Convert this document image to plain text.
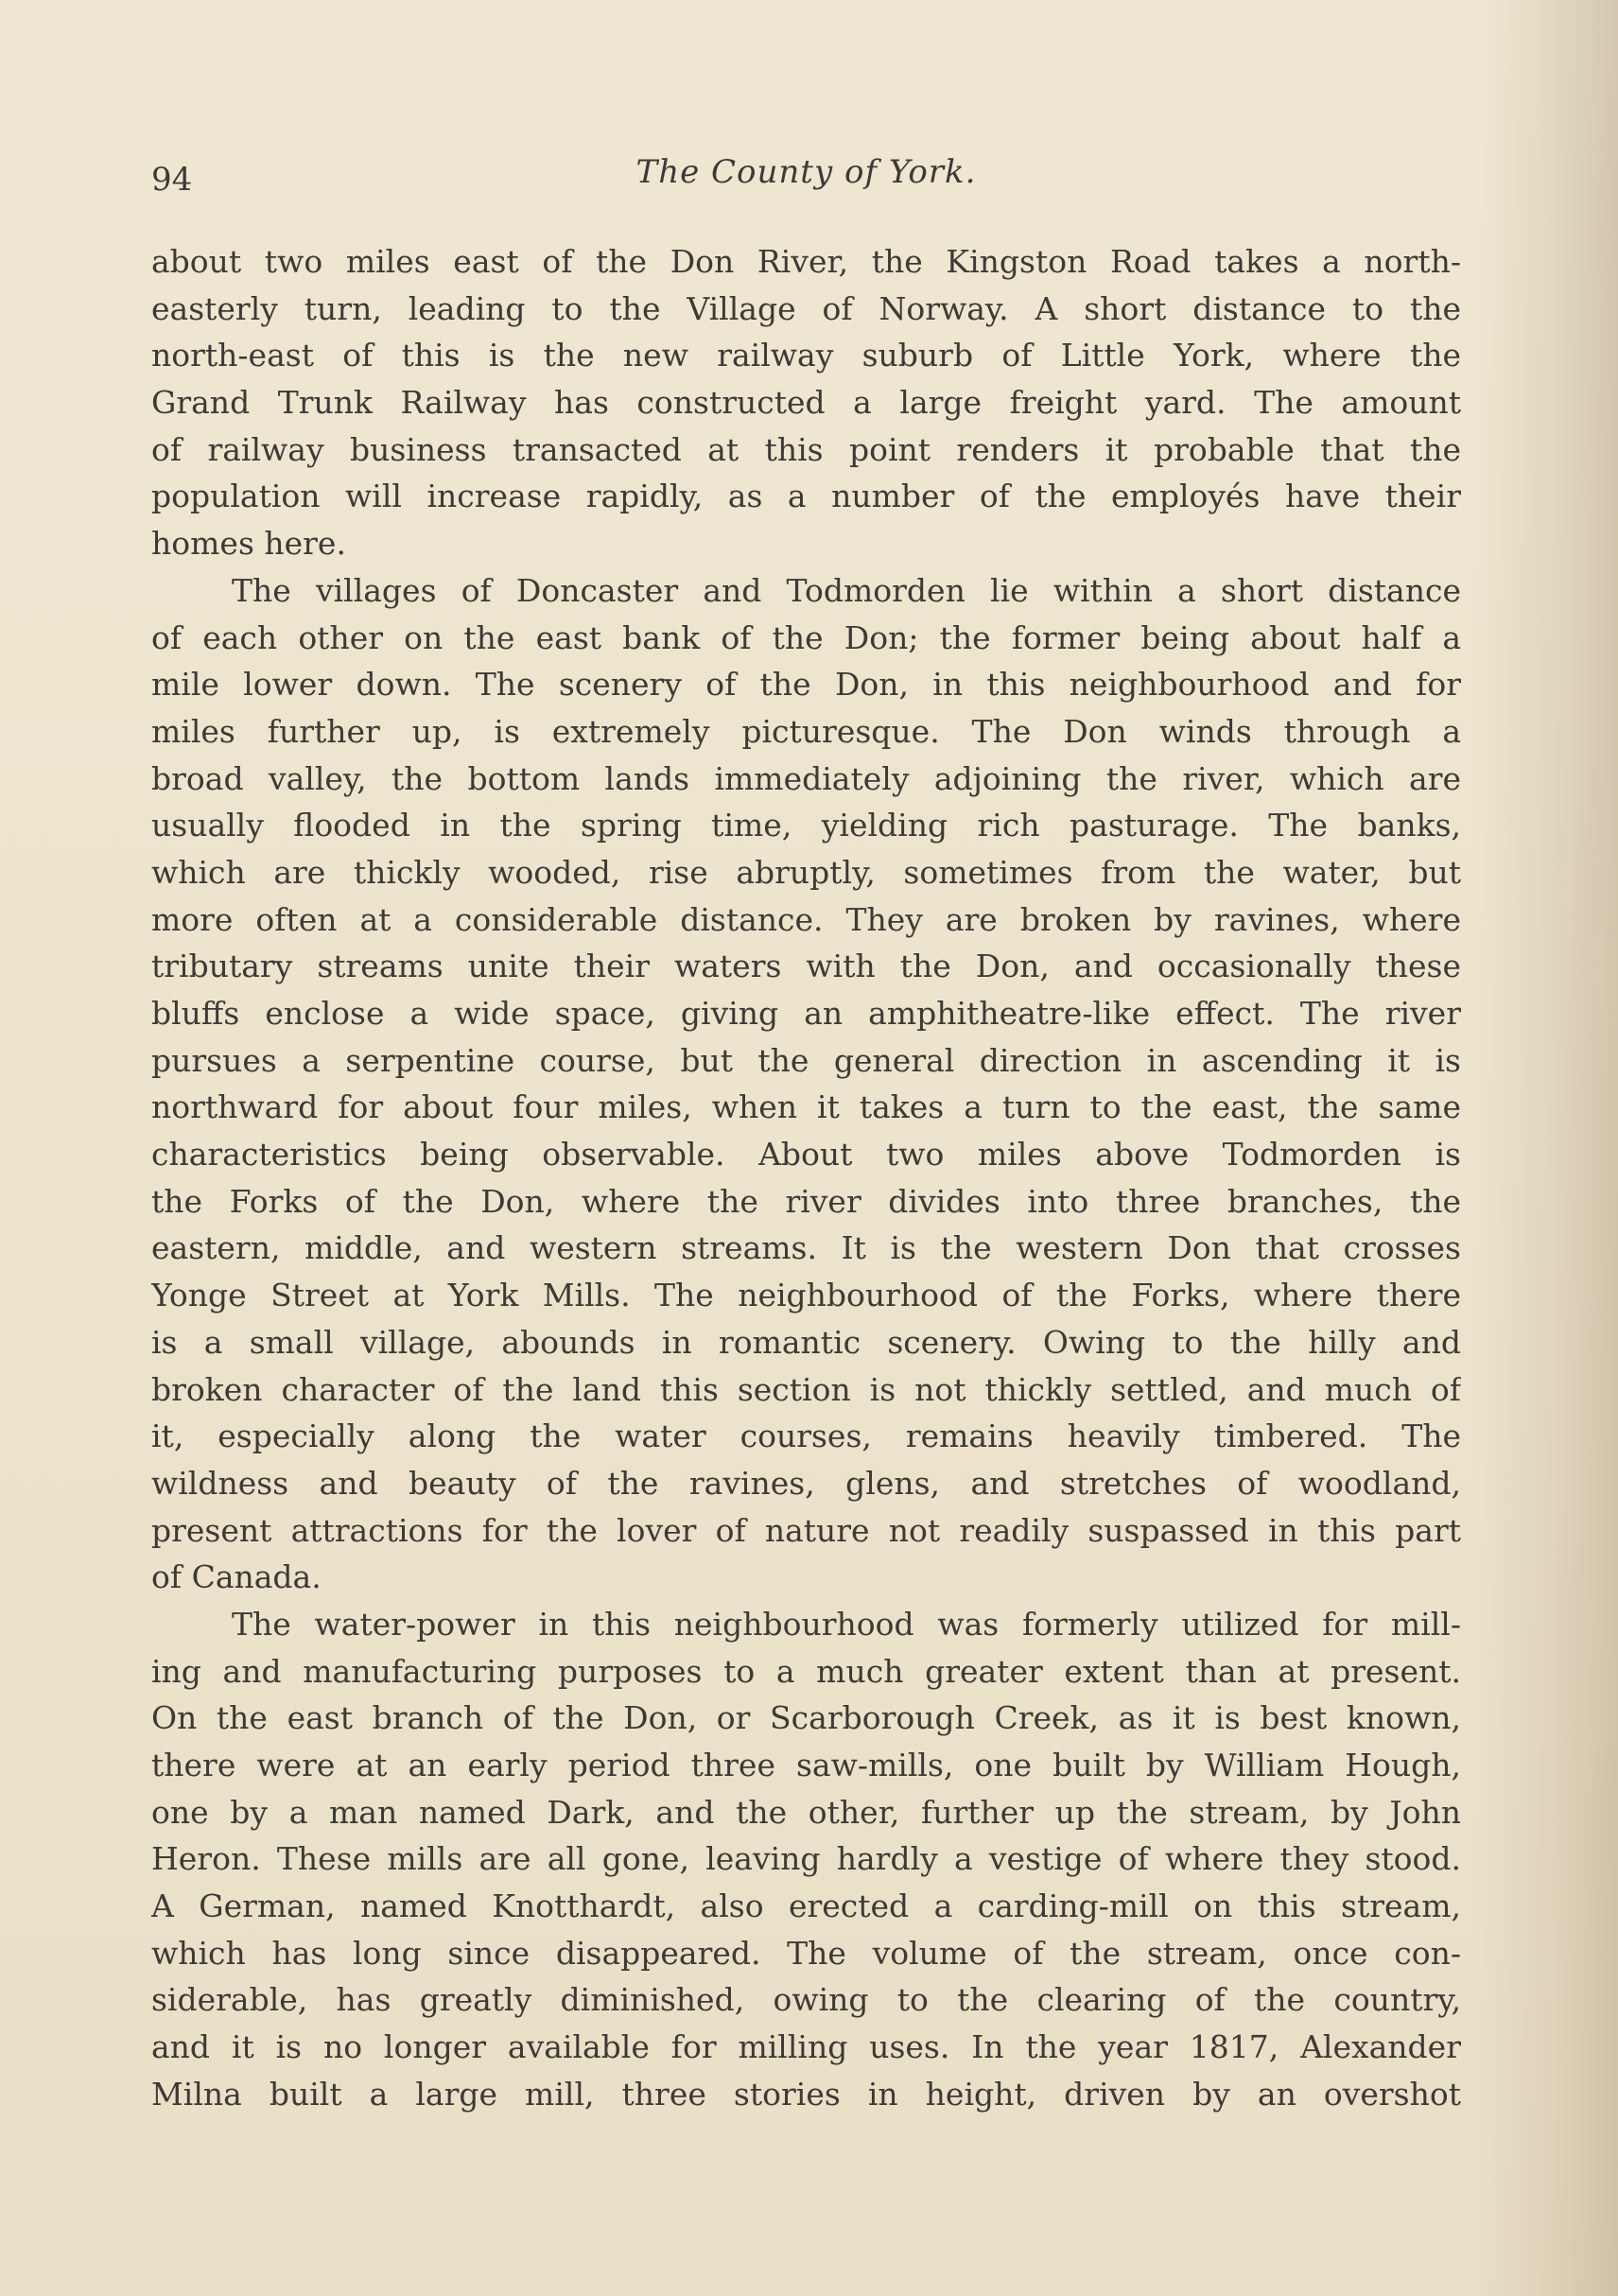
94	The County of York.
about two miles east of the Don River, the Kingston Road takes a north-
easterly turn, leading to the Village of Norway. A short distance to the
north-east of this is the new railway suburb of Little York, where the
Grand Trunk Railway has constructed a large freight yard. The amount
of railway business transacted at this point renders it probable that the
population will increase rapidly, as a number of the employés have their
homes here.
The villages of Doncaster and Todmorden lie within a short distance
of each other on the east bank of the Don; the former being about half a
mile lower down. The scenery of the Don, in this neighbourhood and for
miles further up, is extremely picturesque. The Don winds through a
broad valley, the bottom lands immediately adjoining the river, which are
usually flooded in the spring time, yielding rich pasturage. The banks,
which are thickly wooded, rise abruptly, sometimes from the water, but
more often at a considerable distance. They are broken by ravines, where
tributary streams unite their waters with the Don, and occasionally these
bluffs enclose a wide space, giving an amphitheatre-like effect. The river
pursues a serpentine course, but the general direction in ascending it is
northward for about four miles, when it takes a turn to the east, the same
characteristics being observable. About two miles above Todmorden is
the Forks of the Don, where the river divides into three branches, the
eastern, middle, and western streams. It is the western Don that crosses
Yonge Street at York Mills. The neighbourhood of the Forks, where there
is a small village, abounds in romantic scenery. Owing to the hilly and
broken character of the land this section is not thickly settled, and much of
it, especially along the water courses, remains heavily timbered. The
wildness and beauty of the ravines, glens, and stretches of woodland,
present attractions for the lover of nature not readily suspassed in this part
of Canada.
The water-power in this neighbourhood was formerly utilized for mill-
ing and manufacturing purposes to a much greater extent than at present.
On the east branch of the Don, or Scarborough Creek, as it is best known,
there were at an early period three saw-mills, one built by William Hough,
one by a man named Dark, and the other, further up the stream, by John
Heron. These mills are all gone, leaving hardly a vestige of where they stood.
A German, named Knotthardt, also erected a carding-mill on this stream,
which has long since disappeared. The volume of the stream, once con-
siderable, has greatly diminished, owing to the clearing of the country,
and it is no longer available for milling uses. In the year 1817, Alexander
Milna built a large mill, three stories in height, driven by an overshot
